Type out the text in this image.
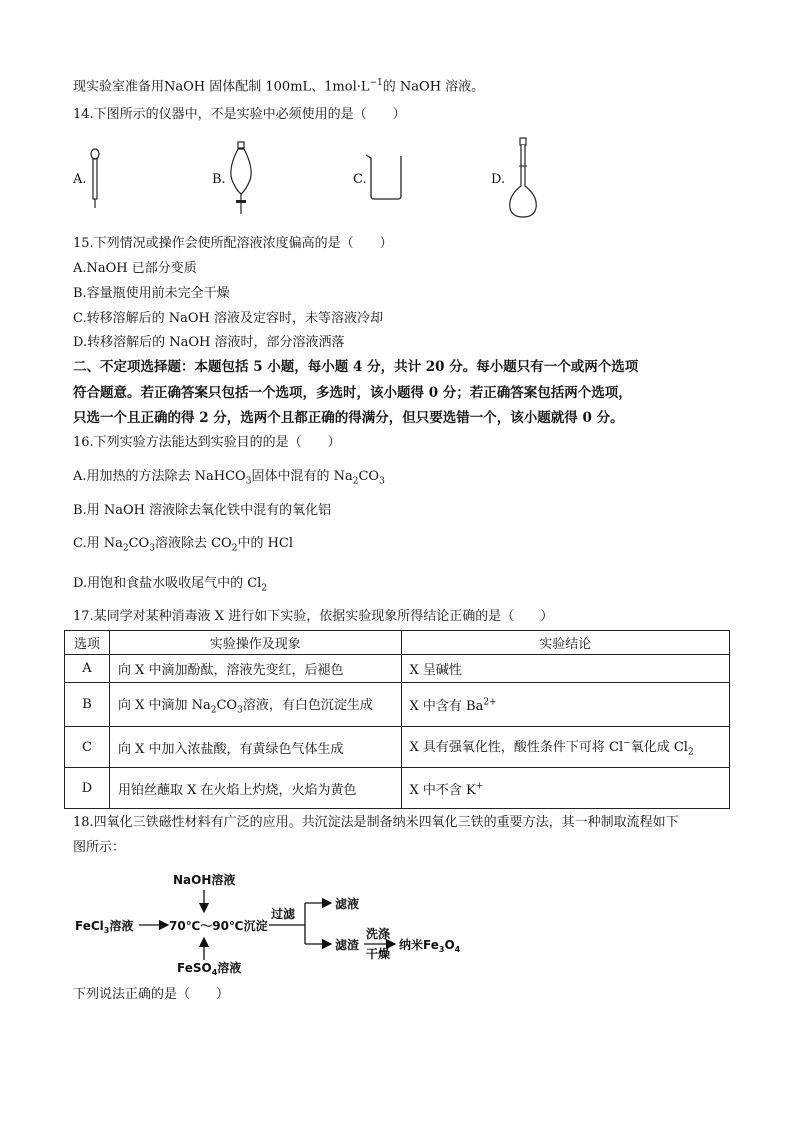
现实验室准备用NaOH 固体配制 100mL、$1mol\cdot L^{-1}$的 NaOH 溶液。
14.下图所示的仪器中，不是实验中必须使用的是（　　）
A.	B.	C.	D.
15.下列情况或操作会使所配溶液浓度偏高的是（　　）
A.NaOH 已部分变质
B.容量瓶使用前未完全干燥
C.转移溶解后的 NaOH 溶液及定容时，未等溶液冷却
D.转移溶解后的 NaOH 溶液时，部分溶液洒落
二、不定项选择题：本题包括 5 小题，每小题 4 分，共计 20 分。每小题只有一个或两个选项
符合题意。若正确答案只包括一个选项，多选时，该小题得 0 分；若正确答案包括两个选项，
只选一个且正确的得 2 分，选两个且都正确的得满分，但只要选错一个，该小题就得 0 分。
16.下列实验方法能达到实验目的的是（　　）
A.用加热的方法除去 NaHCO$_3$固体中混有的 $Na_2CO_3$
B.用 NaOH 溶液除去氧化铁中混有的氧化铝
C.用 $Na_2CO_3$溶液除去 $CO_2$中的 HCl
D.用饱和食盐水吸收尾气中的 $Cl_2$
17.某同学对某种消毒液 X 进行如下实验，依据实验现象所得结论正确的是（　　）
选项	实验操作及现象	实验结论
A	向 X 中滴加酚酞，溶液先变红，后褪色	X 呈碱性
B	向 X 中滴加 $Na_2CO_3$溶液，有白色沉淀生成	X 中含有 $Ba^{2+}$
C	向 X 中加入浓盐酸，有黄绿色气体生成	X 具有强氧化性，酸性条件下可将 Cl−氧化成 $Cl_2$
D	用铂丝蘸取 X 在火焰上灼烧，火焰为黄色	X 中不含 K+
18.四氧化三铁磁性材料有广泛的应用。共沉淀法是制备纳米四氧化三铁的重要方法，其一种制取流程如下
图所示：
NaOH溶液
FeCl$_3$溶液	70℃～90℃沉淀
过滤
滤液
滤渣
洗涤
干燥
纳米$Fe_3O_4$
FeSO$_4$溶液
下列说法正确的是（　　）
